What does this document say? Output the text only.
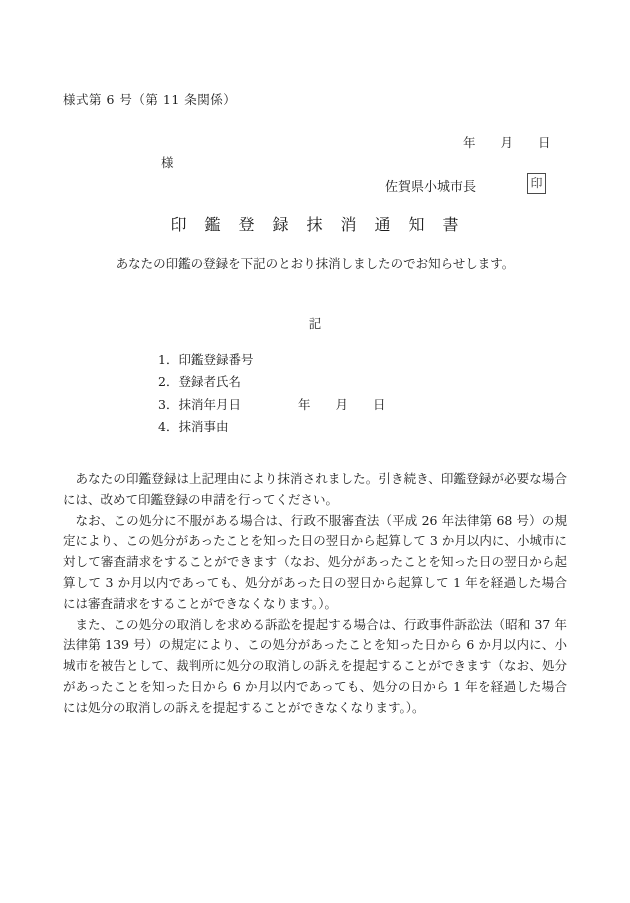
様式第 6 号（第 11 条関係）
年　　月　　日
様
佐賀県小城市長	印
印　鑑　登　録　抹　消　通　知　書

あなたの印鑑の登録を下記のとおり抹消しましたのでお知らせします。

記
1．印鑑登録番号
2．登録者氏名
3．抹消年月日	年　　月　　日
4．抹消事由

あなたの印鑑登録は上記理由により抹消されました。引き続き、印鑑登録が必要な場合には、改めて印鑑登録の申請を行ってください。

なお、この処分に不服がある場合は、行政不服審査法（平成 26 年法律第 68 号）の規定により、この処分があったことを知った日の翌日から起算して 3 か月以内に、小城市に対して審査請求をすることができます（なお、処分があったことを知った日の翌日から起算して 3 か月以内であっても、処分があった日の翌日から起算して 1 年を経過した場合には審査請求をすることができなくなります。）。

また、この処分の取消しを求める訴訟を提起する場合は、行政事件訴訟法（昭和 37 年法律第 139 号）の規定により、この処分があったことを知った日から 6 か月以内に、小城市を被告として、裁判所に処分の取消しの訴えを提起することができます（なお、処分があったことを知った日から 6 か月以内であっても、処分の日から 1 年を経過した場合には処分の取消しの訴えを提起することができなくなります。）。
